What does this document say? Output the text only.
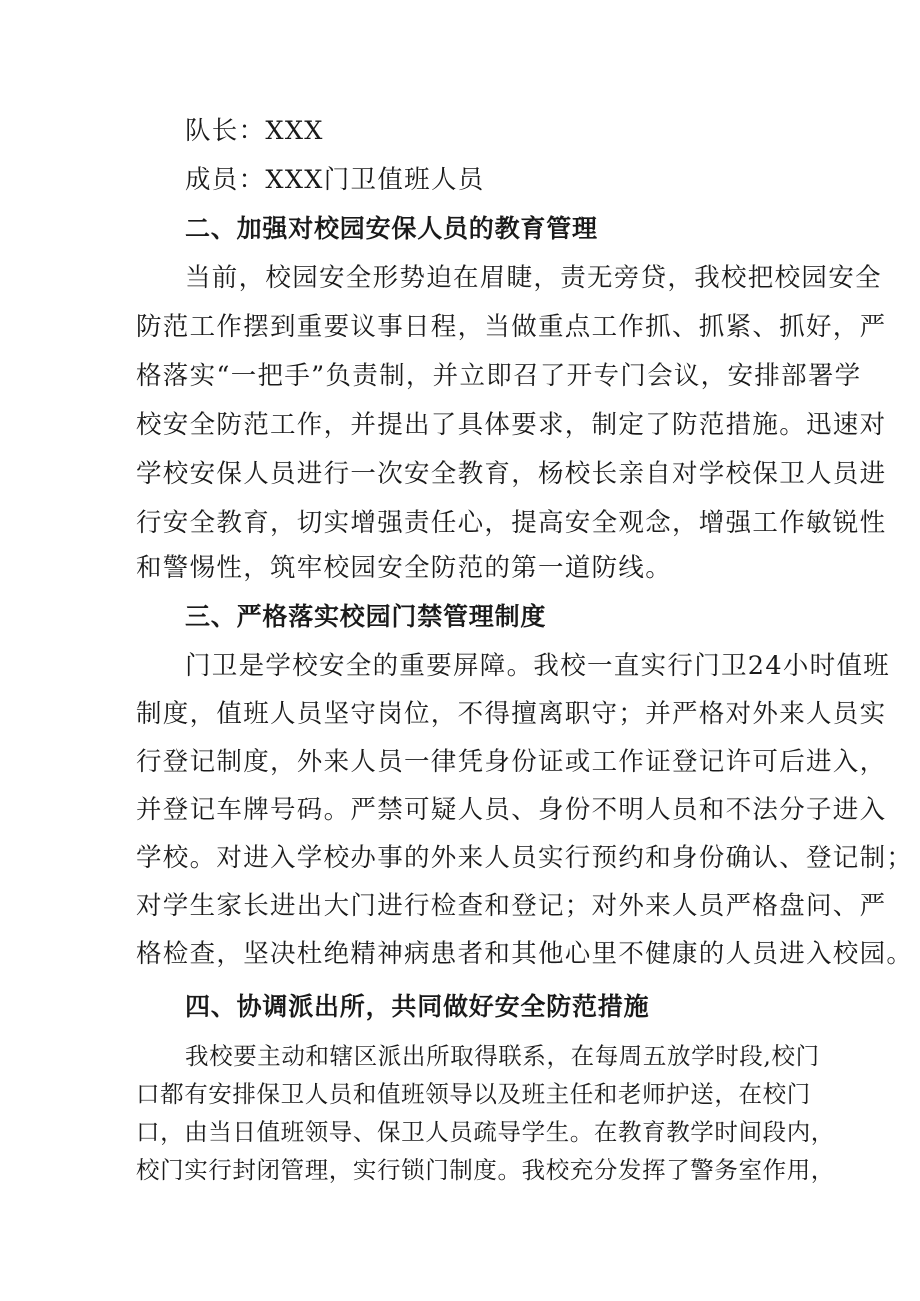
队长：XXX
成员：XXX门卫值班人员
二、加强对校园安保人员的教育管理
当前，校园安全形势迫在眉睫，责无旁贷，我校把校园安全
防范工作摆到重要议事日程，当做重点工作抓、抓紧、抓好，严
格落实“一把手”负责制，并立即召了开专门会议，安排部署学
校安全防范工作，并提出了具体要求，制定了防范措施。迅速对
学校安保人员进行一次安全教育，杨校长亲自对学校保卫人员进
行安全教育，切实增强责任心，提高安全观念，增强工作敏锐性
和警惕性，筑牢校园安全防范的第一道防线。
三、严格落实校园门禁管理制度
门卫是学校安全的重要屏障。我校一直实行门卫24小时值班
制度，值班人员坚守岗位，不得擅离职守；并严格对外来人员实
行登记制度，外来人员一律凭身份证或工作证登记许可后进入，
并登记车牌号码。严禁可疑人员、身份不明人员和不法分子进入
学校。对进入学校办事的外来人员实行预约和身份确认、登记制；
对学生家长进出大门进行检查和登记；对外来人员严格盘问、严
格检查，坚决杜绝精神病患者和其他心里不健康的人员进入校园。
四、协调派出所，共同做好安全防范措施
我校要主动和辖区派出所取得联系，在每周五放学时段,校门
口都有安排保卫人员和值班领导以及班主任和老师护送，在校门
口，由当日值班领导、保卫人员疏导学生。在教育教学时间段内，
校门实行封闭管理，实行锁门制度。我校充分发挥了警务室作用，
